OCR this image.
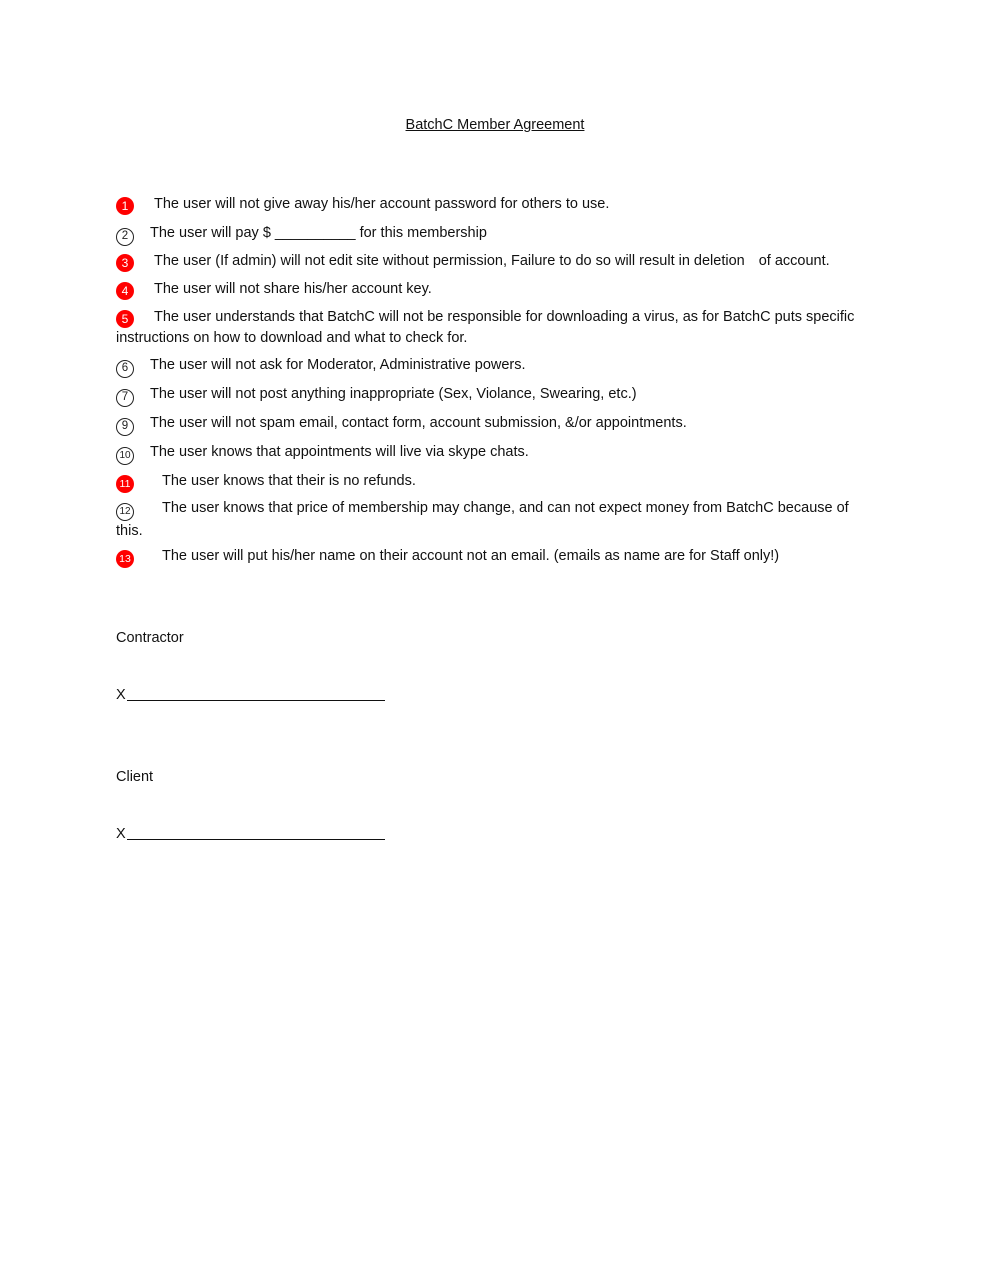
BatchC Member Agreement
1 The user will not give away his/her account password for others to use.
2 The user will pay $ __________ for this membership
3 The user (If admin) will not edit site without permission, Failure to do so will result in deletion of account.
4 The user will not share his/her account key.
5 The user understands that BatchC will not be responsible for downloading a virus, as for BatchC puts specific instructions on how to download and what to check for.
6 The user will not ask for Moderator, Administrative powers.
7 The user will not post anything inappropriate (Sex, Violance, Swearing, etc.)
9 The user will not spam email, contact form, account submission, &/or appointments.
10 The user knows that appointments will live via skype chats.
11 The user knows that their is no refunds.
12 The user knows that price of membership may change, and can not expect money from BatchC because of this.
13 The user will put his/her name on their account not an email. (emails as name are for Staff only!)
Contractor
X
Client
X
